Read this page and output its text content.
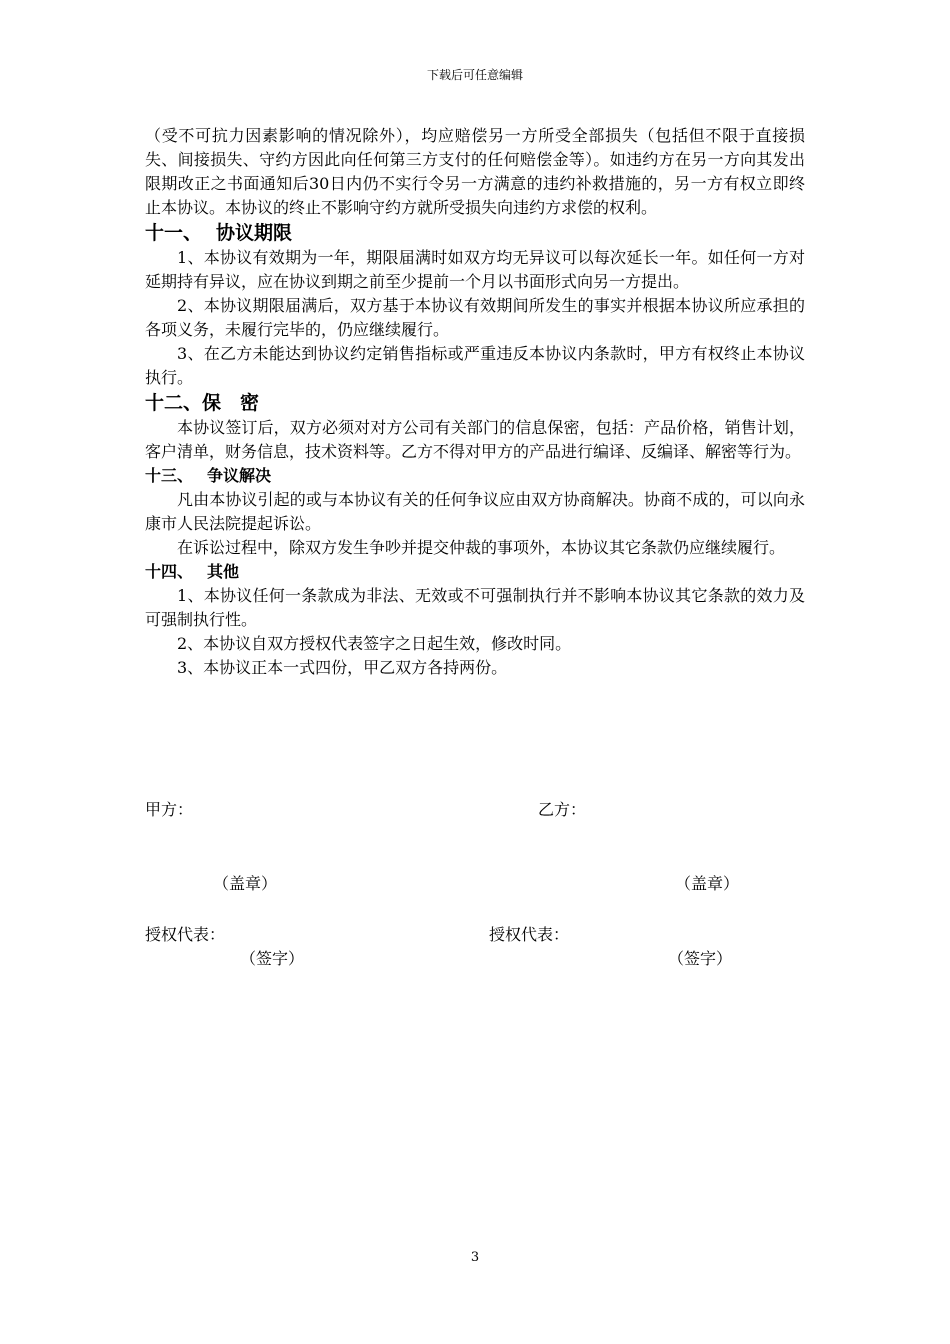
下载后可任意编辑

（受不可抗力因素影响的情况除外），均应赔偿另一方所受全部损失（包括但不限于直接损失、间接损失、守约方因此向任何第三方支付的任何赔偿金等）。如违约方在另一方向其发出限期改正之书面通知后30日内仍不实行令另一方满意的违约补救措施的，另一方有权立即终止本协议。本协议的终止不影响守约方就所受损失向违约方求偿的权利。

十一、 协议期限

1、本协议有效期为一年，期限届满时如双方均无异议可以每次延长一年。如任何一方对延期持有异议，应在协议到期之前至少提前一个月以书面形式向另一方提出。

2、本协议期限届满后，双方基于本协议有效期间所发生的事实并根据本协议所应承担的各项义务，未履行完毕的，仍应继续履行。

3、在乙方未能达到协议约定销售指标或严重违反本协议内条款时，甲方有权终止本协议执行。

十二、保　密

本协议签订后，双方必须对对方公司有关部门的信息保密，包括：产品价格，销售计划，客户清单，财务信息，技术资料等。乙方不得对甲方的产品进行编译、反编译、解密等行为。

十三、 争议解决

凡由本协议引起的或与本协议有关的任何争议应由双方协商解决。协商不成的，可以向永康市人民法院提起诉讼。

在诉讼过程中，除双方发生争吵并提交仲裁的事项外，本协议其它条款仍应继续履行。

十四、 其他

1、本协议任何一条款成为非法、无效或不可强制执行并不影响本协议其它条款的效力及可强制执行性。

2、本协议自双方授权代表签字之日起生效，修改时同。

3、本协议正本一式四份，甲乙双方各持两份。

甲方：	乙方：
（盖章）	（盖章）
授权代表：	授权代表：
（签字）	（签字）
3
